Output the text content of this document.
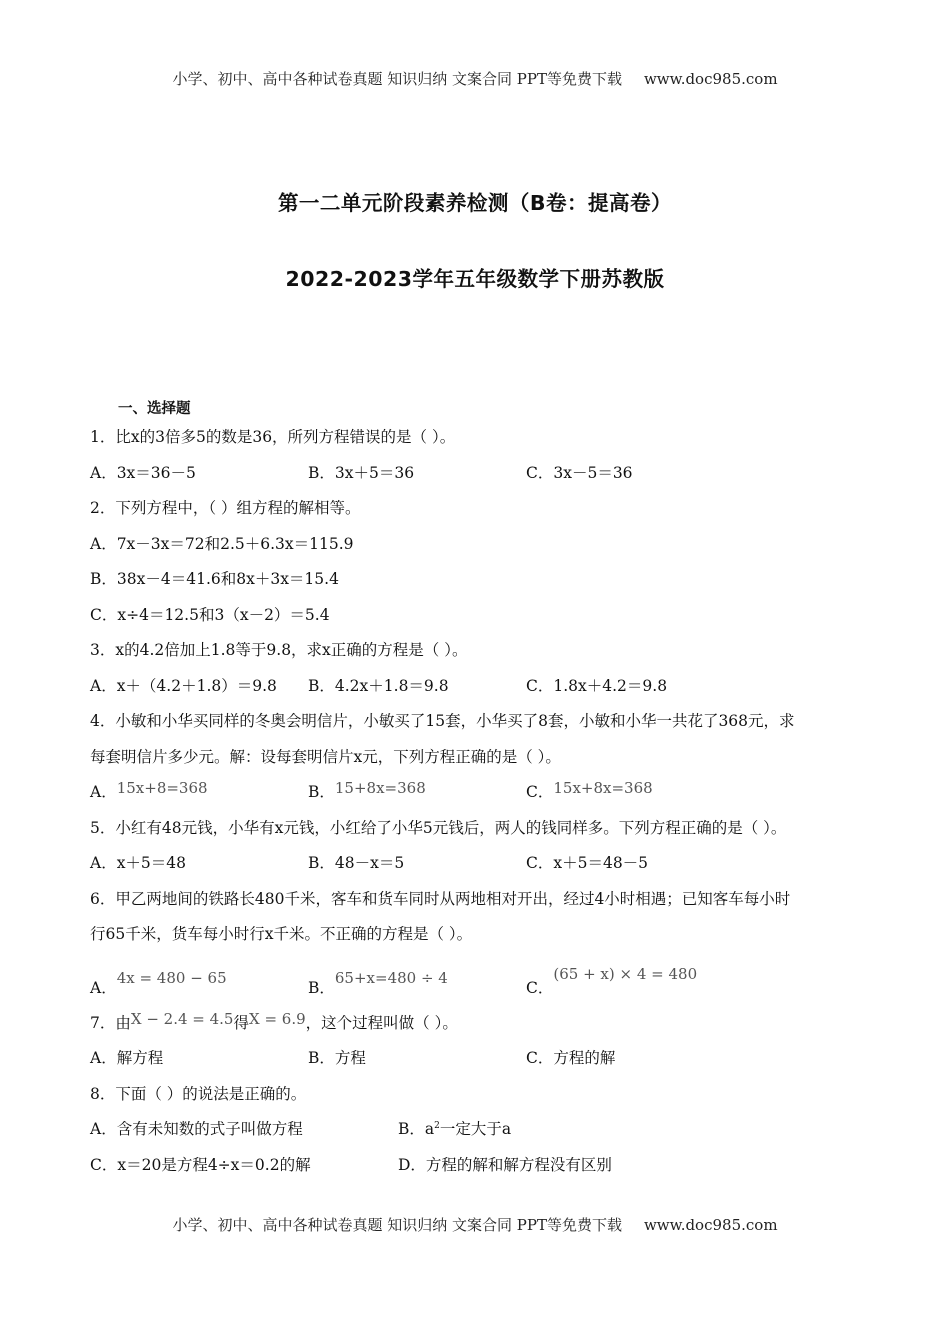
小学、初中、高中各种试卷真题 知识归纳 文案合同 PPT等免费下载 www.doc985.com
第一二单元阶段素养检测（B卷：提高卷）
2022-2023学年五年级数学下册苏教版
一、选择题
1．比x的3倍多5的数是36，所列方程错误的是（ ）。
A．3x＝36－5	B．3x＋5＝36	C．3x－5＝36
2．下列方程中，（ ）组方程的解相等。
A．7x－3x＝72和2.5＋6.3x＝115.9
B．38x－4＝41.6和8x＋3x＝15.4
C．x÷4＝12.5和3（x－2）＝5.4
3．x的4.2倍加上1.8等于9.8，求x正确的方程是（ ）。
A．x＋（4.2＋1.8）＝9.8	B．4.2x＋1.8＝9.8	C．1.8x＋4.2＝9.8
4．小敏和小华买同样的冬奥会明信片，小敏买了15套，小华买了8套，小敏和小华一共花了368元，求
每套明信片多少元。解：设每套明信片x元，下列方程正确的是（ ）。
A．15x+8=368	B．15+8x=368	C．15x+8x=368
5．小红有48元钱，小华有x元钱，小红给了小华5元钱后，两人的钱同样多。下列方程正确的是（ ）。
A．x＋5＝48	B．48－x＝5	C．x＋5＝48－5
6．甲乙两地间的铁路长480千米，客车和货车同时从两地相对开出，经过4小时相遇；已知客车每小时
行65千米，货车每小时行x千米。不正确的方程是（ ）。
A．4x = 480 − 65
B．65+x=480 ÷ 4
C．(65 + x) × 4 = 480
7．由X − 2.4 = 4.5得X = 6.9，这个过程叫做（ ）。
A．解方程	B．方程	C．方程的解
8．下面（ ）的说法是正确的。
A．含有未知数的式子叫做方程	B．$a^2$一定大于a
C．x＝20是方程4÷x＝0.2的解	D．方程的解和解方程没有区别
小学、初中、高中各种试卷真题 知识归纳 文案合同 PPT等免费下载 www.doc985.com
